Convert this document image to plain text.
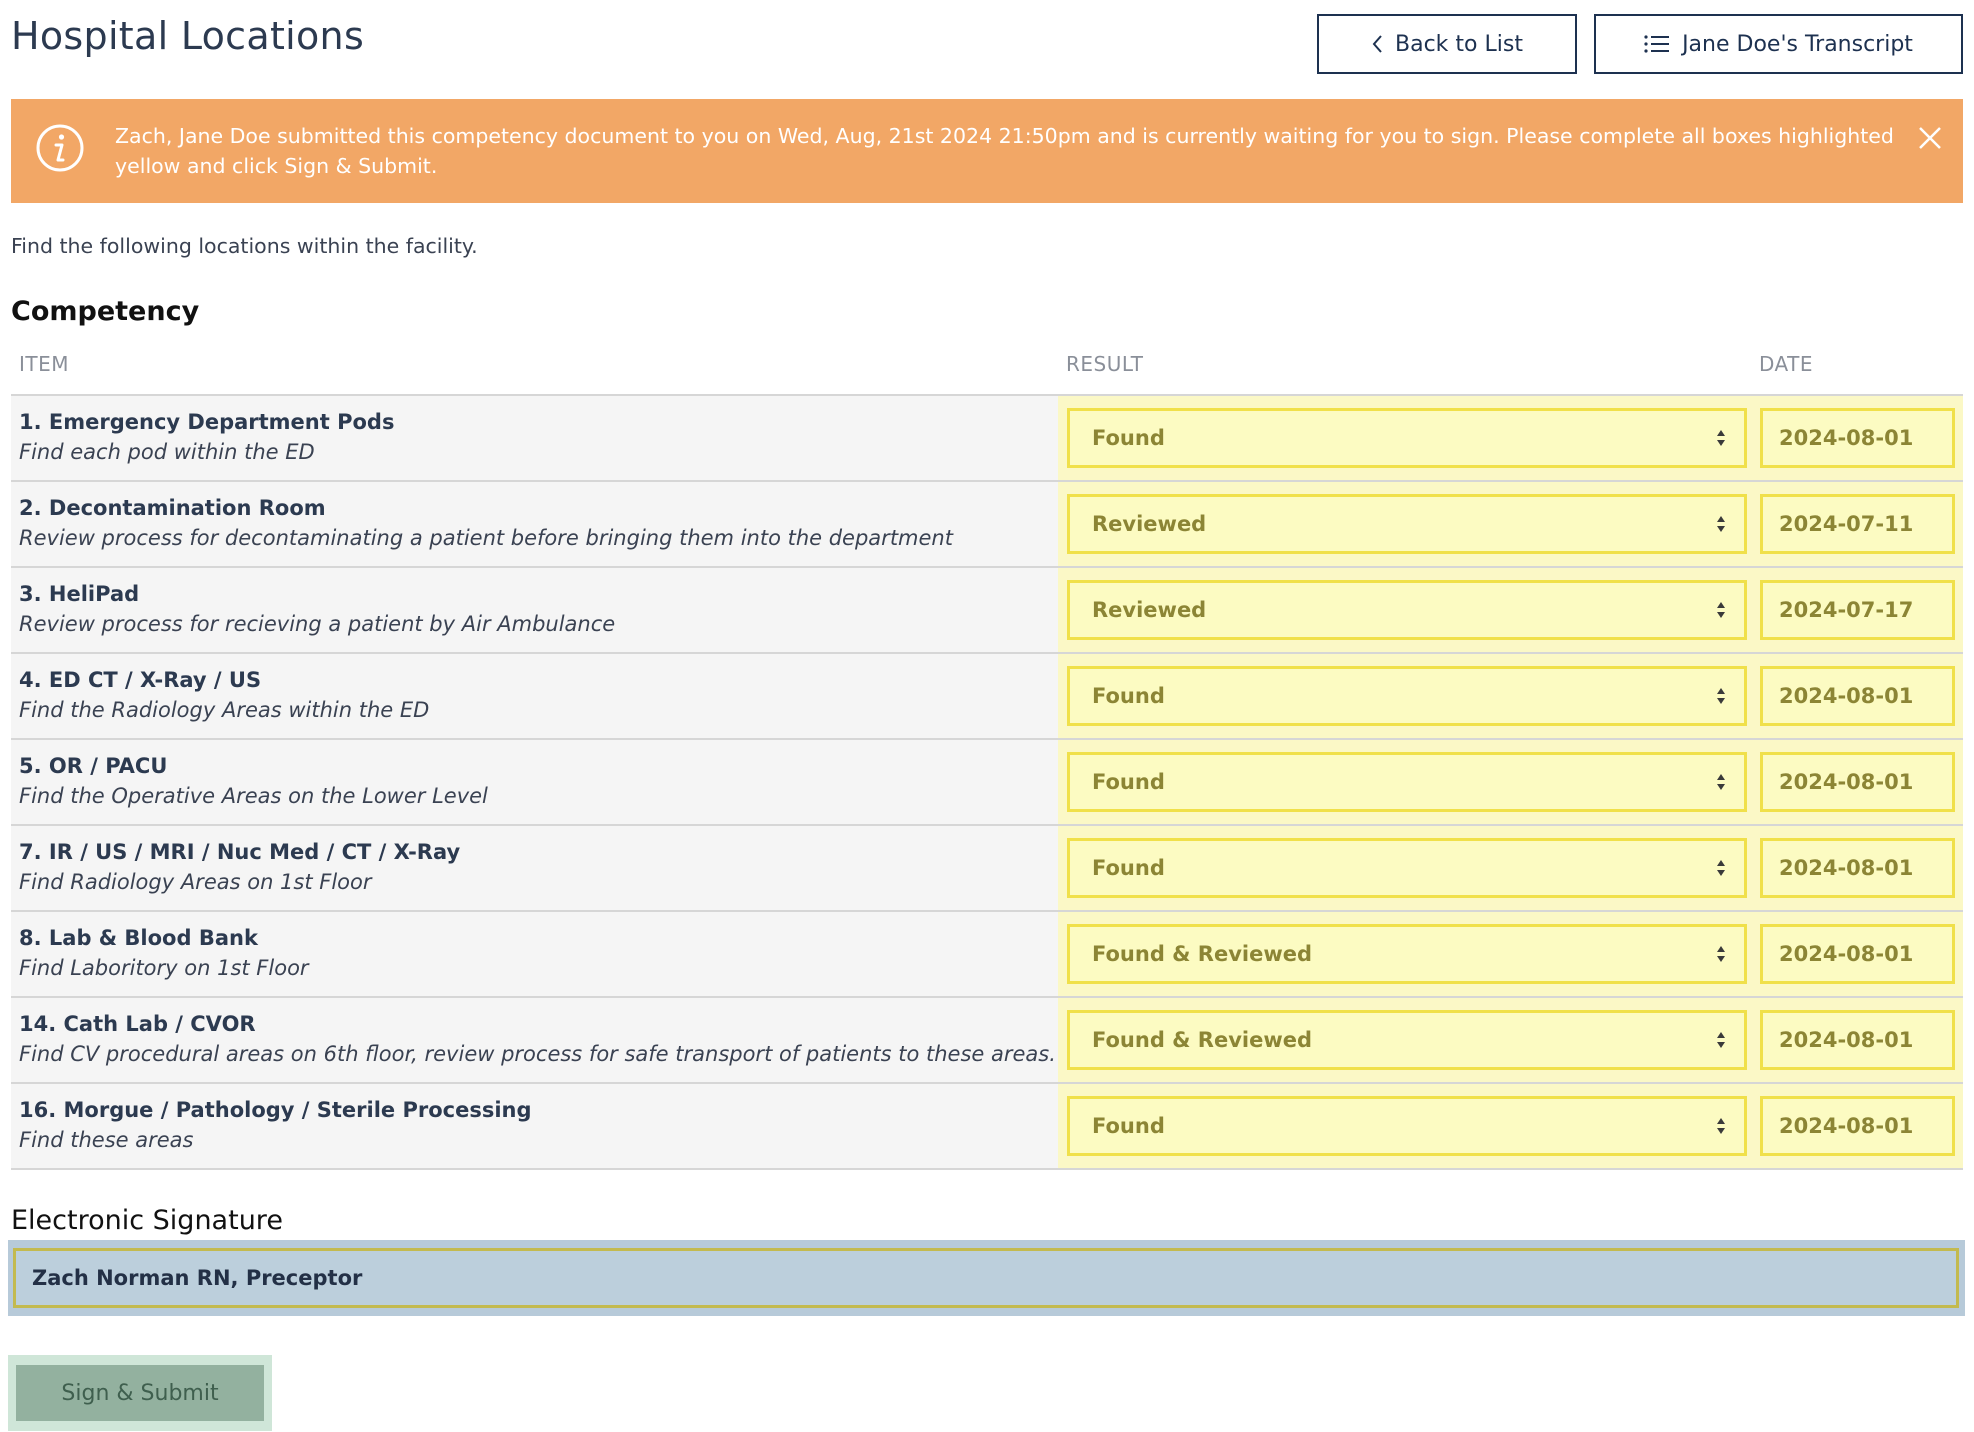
Hospital Locations	Back to List	Jane Doe's Transcript
Zach, Jane Doe submitted this competency document to you on Wed, Aug, 21st 2024 21:50pm and is currently waiting for you to sign. Please complete all boxes highlighted yellow and click Sign & Submit.
Find the following locations within the facility.
Competency
ITEM	RESULT	DATE
1. Emergency Department Pods
Find each pod within the ED
Found	2024-08-01
2. Decontamination Room
Review process for decontaminating a patient before bringing them into the department
Reviewed	2024-07-11
3. HeliPad
Review process for recieving a patient by Air Ambulance
Reviewed	2024-07-17
4. ED CT / X-Ray / US
Find the Radiology Areas within the ED
Found	2024-08-01
5. OR / PACU
Find the Operative Areas on the Lower Level
Found	2024-08-01
7. IR / US / MRI / Nuc Med / CT / X-Ray
Find Radiology Areas on 1st Floor
Found	2024-08-01
8. Lab & Blood Bank
Find Laboritory on 1st Floor
Found & Reviewed	2024-08-01
14. Cath Lab / CVOR
Find CV procedural areas on 6th floor, review process for safe transport of patients to these areas.
Found & Reviewed	2024-08-01
16. Morgue / Pathology / Sterile Processing
Find these areas
Found	2024-08-01
Electronic Signature
Zach Norman RN, Preceptor
Sign & Submit
